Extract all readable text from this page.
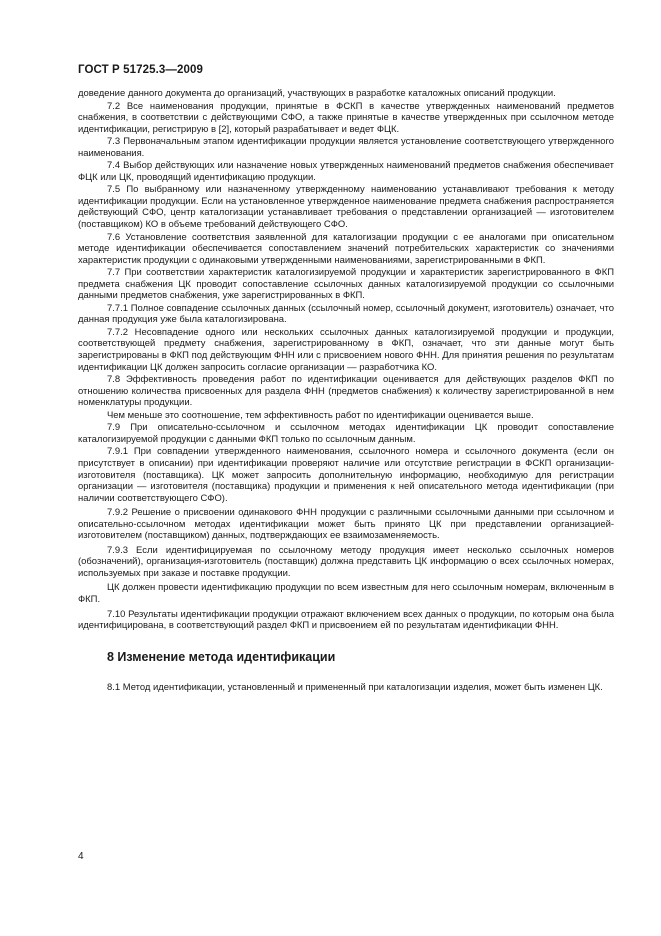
ГОСТ Р 51725.3—2009

доведение данного документа до организаций, участвующих в разработке каталожных описаний продукции.

7.2 Все наименования продукции, принятые в ФСКП в качестве утвержденных наименований предметов снабжения, в соответствии с действующими СФО, а также принятые в качестве утвержденных при ссылочном методе идентификации, регистрирую в [2], который разрабатывает и ведет ФЦК.

7.3 Первоначальным этапом идентификации продукции является установление соответствующего утвержденного наименования.

7.4 Выбор действующих или назначение новых утвержденных наименований предметов снабжения обеспечивает ФЦК или ЦК, проводящий идентификацию продукции.

7.5 По выбранному или назначенному утвержденному наименованию устанавливают требования к методу идентификации продукции. Если на установленное утвержденное наименование предмета снабжения распространяется действующий СФО, центр каталогизации устанавливает требования о представлении организацией — изготовителем (поставщиком) КО в объеме требований действующего СФО.

7.6 Установление соответствия заявленной для каталогизации продукции с ее аналогами при описательном методе идентификации обеспечивается сопоставлением значений потребительских характеристик со значениями характеристик продукции с одинаковыми утвержденными наименованиями, зарегистрированными в ФКП.

7.7 При соответствии характеристик каталогизируемой продукции и характеристик зарегистрированного в ФКП предмета снабжения ЦК проводит сопоставление ссылочных данных каталогизируемой продукции со ссылочными данными предметов снабжения, уже зарегистрированных в ФКП.

7.7.1 Полное совпадение ссылочных данных (ссылочный номер, ссылочный документ, изготовитель) означает, что данная продукция уже была каталогизирована.

7.7.2 Несовпадение одного или нескольких ссылочных данных каталогизируемой продукции и продукции, соответствующей предмету снабжения, зарегистрированному в ФКП, означает, что эти данные могут быть зарегистрированы в ФКП под действующим ФНН или с присвоением нового ФНН. Для принятия решения по результатам идентификации ЦК должен запросить согласие организации — разработчика КО.

7.8 Эффективность проведения работ по идентификации оценивается для действующих разделов ФКП по отношению количества присвоенных для раздела ФНН (предметов снабжения) к количеству зарегистрированной в нем номенклатуры продукции.

Чем меньше это соотношение, тем эффективность работ по идентификации оценивается выше.

7.9 При описательно-ссылочном и ссылочном методах идентификации ЦК проводит сопоставление каталогизируемой продукции с данными ФКП только по ссылочным данным.

7.9.1 При совпадении утвержденного наименования, ссылочного номера и ссылочного документа (если он присутствует в описании) при идентификации проверяют наличие или отсутствие регистрации в ФСКП организации-изготовителя (поставщика). ЦК может запросить дополнительную информацию, необходимую для регистрации организации — изготовителя (поставщика) продукции и применения к ней описательного метода идентификации (при наличии соответствующего СФО).

7.9.2 Решение о присвоении одинакового ФНН продукции с различными ссылочными данными при ссылочном и описательно-ссылочном методах идентификации может быть принято ЦК при представлении организацией-изготовителем (поставщиком) данных, подтверждающих ее взаимозаменяемость.

7.9.3 Если идентифицируемая по ссылочному методу продукция имеет несколько ссылочных номеров (обозначений), организация-изготовитель (поставщик) должна представить ЦК информацию о всех ссылочных номерах, используемых при заказе и поставке продукции.

ЦК должен провести идентификацию продукции по всем известным для него ссылочным номерам, включенным в ФКП.

7.10 Результаты идентификации продукции отражают включением всех данных о продукции, по которым она была идентифицирована, в соответствующий раздел ФКП и присвоением ей по результатам идентификации ФНН.

8 Изменение метода идентификации

8.1 Метод идентификации, установленный и примененный при каталогизации изделия, может быть изменен ЦК.

4
